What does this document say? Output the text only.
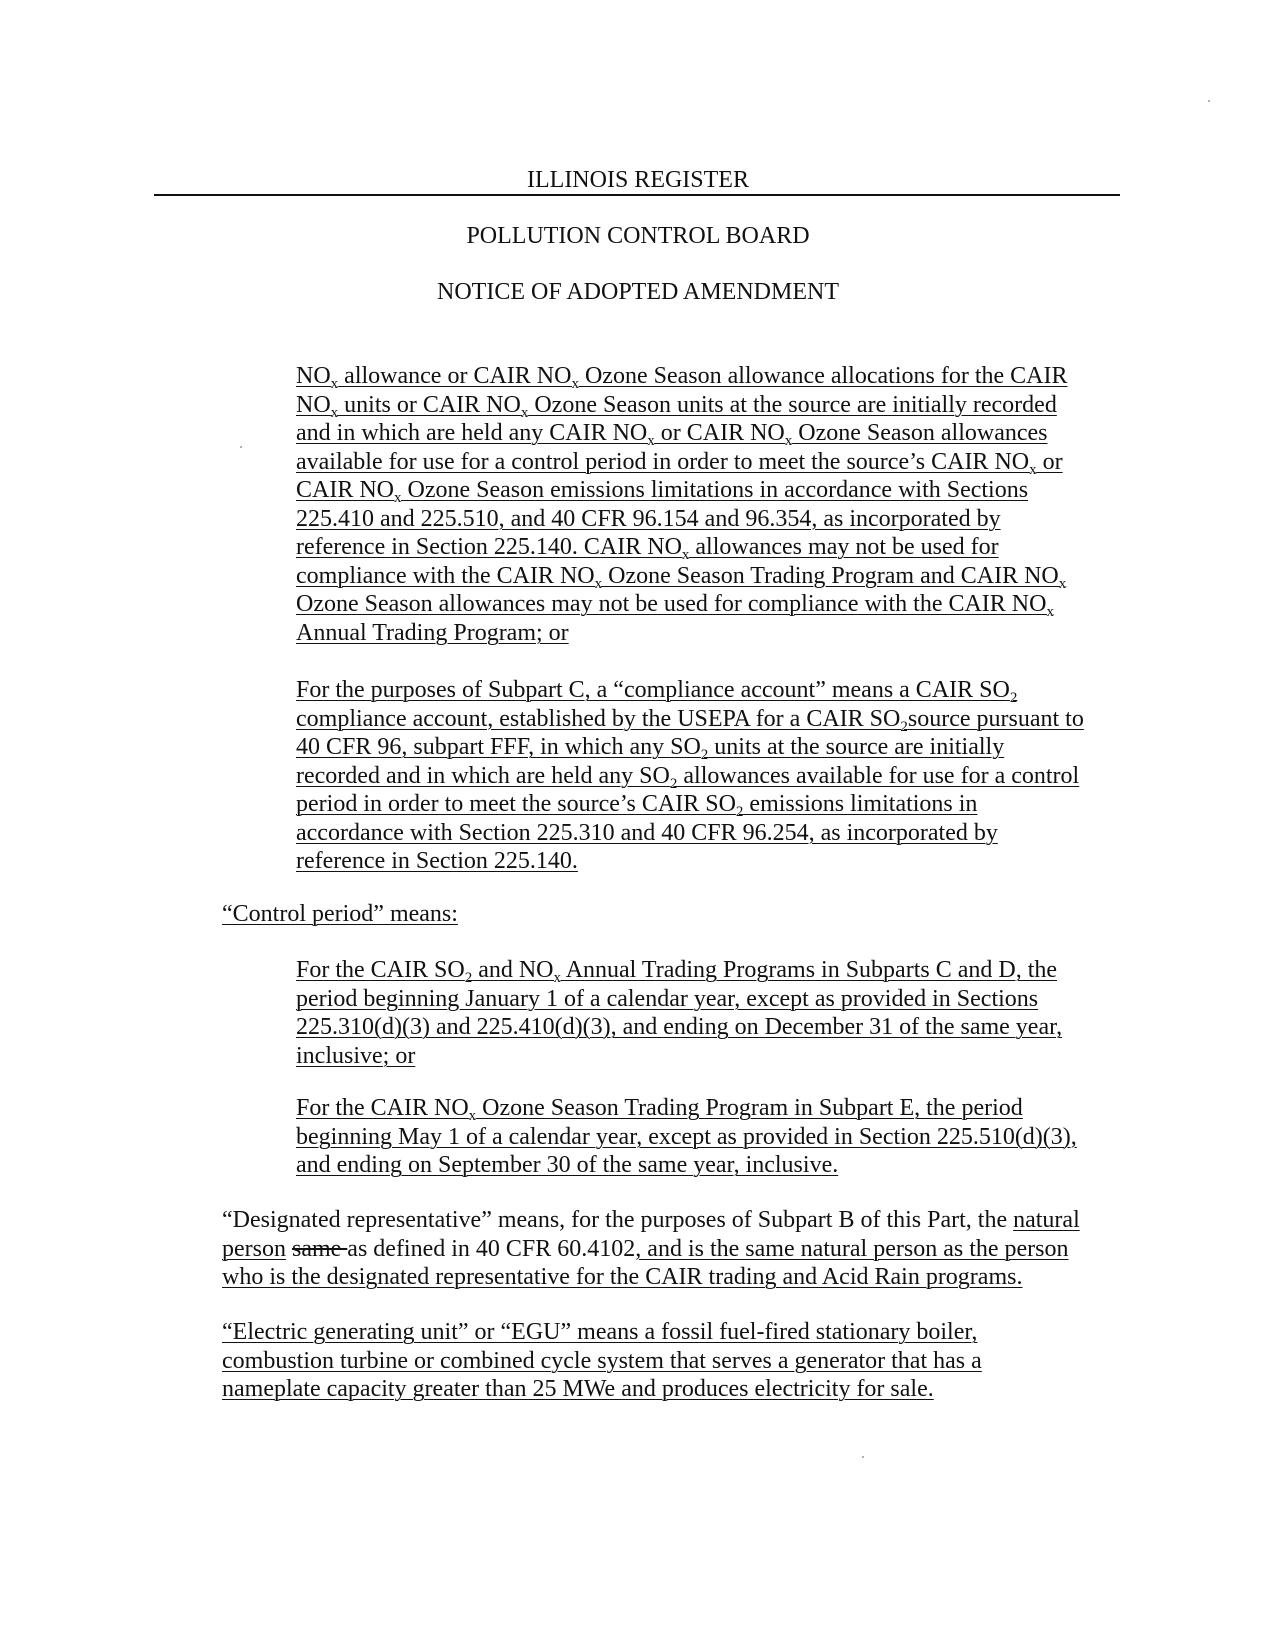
ILLINOIS REGISTER
POLLUTION CONTROL BOARD
NOTICE OF ADOPTED AMENDMENT
$NO_x$ allowance or CAIR $NO_x$ Ozone Season allowance allocations for the CAIR
$NO_x$ units or CAIR $NO_x$ Ozone Season units at the source are initially recorded
and in which are held any CAIR $NO_x$ or CAIR $NO_x$ Ozone Season allowances
available for use for a control period in order to meet the source’s CAIR $NO_x$ or
CAIR $NO_x$ Ozone Season emissions limitations in accordance with Sections
225.410 and 225.510, and 40 CFR 96.154 and 96.354, as incorporated by
reference in Section 225.140. CAIR $NO_x$ allowances may not be used for
compliance with the CAIR $NO_x$ Ozone Season Trading Program and CAIR $NO_x$
Ozone Season allowances may not be used for compliance with the CAIR $NO_x$
Annual Trading Program; or
For the purposes of Subpart C, a “compliance account” means a CAIR $SO_2$
compliance account, established by the USEPA for a CAIR $SO_2source$ pursuant to
40 CFR 96, subpart FFF, in which any $SO_2$ units at the source are initially
recorded and in which are held any $SO_2$ allowances available for use for a control
period in order to meet the source’s CAIR $SO_2$ emissions limitations in
accordance with Section 225.310 and 40 CFR 96.254, as incorporated by
reference in Section 225.140.
“Control period” means:
For the CAIR $SO_2$ and $NO_x$ Annual Trading Programs in Subparts C and D, the
period beginning January 1 of a calendar year, except as provided in Sections
225.310(d)(3) and 225.410(d)(3), and ending on December 31 of the same year,
inclusive; or
For the CAIR $NO_x$ Ozone Season Trading Program in Subpart E, the period
beginning May 1 of a calendar year, except as provided in Section 225.510(d)(3),
and ending on September 30 of the same year, inclusive.
“Designated representative” means, for the purposes of Subpart B of this Part, the natural
person same as defined in 40 CFR 60.4102, and is the same natural person as the person
who is the designated representative for the CAIR trading and Acid Rain programs.
“Electric generating unit” or “EGU” means a fossil fuel-fired stationary boiler,
combustion turbine or combined cycle system that serves a generator that has a
nameplate capacity greater than 25 MWe and produces electricity for sale.
